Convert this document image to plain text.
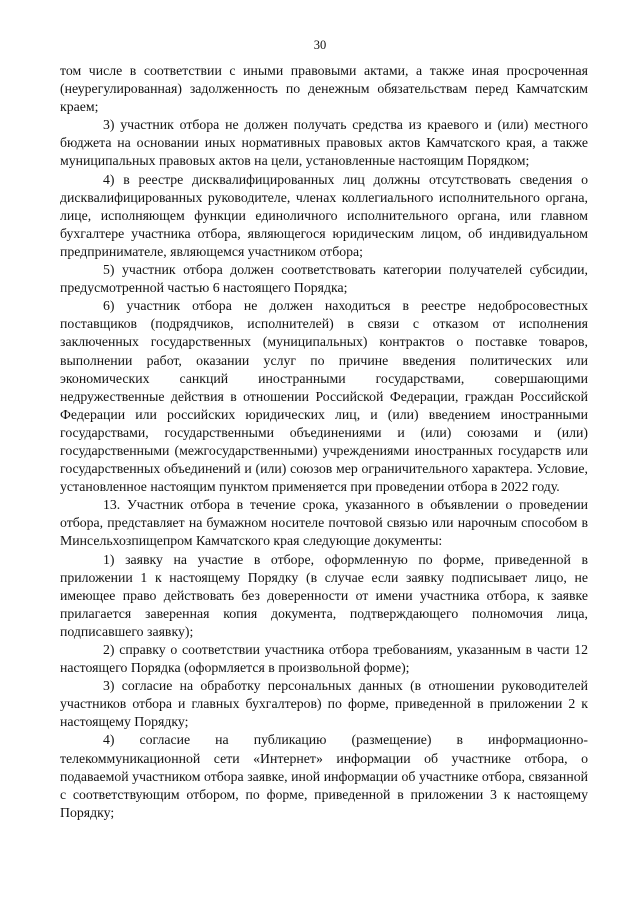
30

том числе в соответствии с иными правовыми актами, а также иная просроченная (неурегулированная) задолженность по денежным обязательствам перед Камчатским краем;

3) участник отбора не должен получать средства из краевого и (или) местного бюджета на основании иных нормативных правовых актов Камчатского края, а также муниципальных правовых актов на цели, установленные настоящим Порядком;

4) в реестре дисквалифицированных лиц должны отсутствовать сведения о дисквалифицированных руководителе, членах коллегиального исполнительного органа, лице, исполняющем функции единоличного исполнительного органа, или главном бухгалтере участника отбора, являющегося юридическим лицом, об индивидуальном предпринимателе, являющемся участником отбора;

5) участник отбора должен соответствовать категории получателей субсидии, предусмотренной частью 6 настоящего Порядка;

6) участник отбора не должен находиться в реестре недобросовестных поставщиков (подрядчиков, исполнителей) в связи с отказом от исполнения заключенных государственных (муниципальных) контрактов о поставке товаров, выполнении работ, оказании услуг по причине введения политических или экономических санкций иностранными государствами, совершающими недружественные действия в отношении Российской Федерации, граждан Российской Федерации или российских юридических лиц, и (или) введением иностранными государствами, государственными объединениями и (или) союзами и (или) государственными (межгосударственными) учреждениями иностранных государств или государственных объединений и (или) союзов мер ограничительного характера. Условие, установленное настоящим пунктом применяется при проведении отбора в 2022 году.

13. Участник отбора в течение срока, указанного в объявлении о проведении отбора, представляет на бумажном носителе почтовой связью или нарочным способом в Минсельхозпищепром Камчатского края следующие документы:

1) заявку на участие в отборе, оформленную по форме, приведенной в приложении 1 к настоящему Порядку (в случае если заявку подписывает лицо, не имеющее право действовать без доверенности от имени участника отбора, к заявке прилагается заверенная копия документа, подтверждающего полномочия лица, подписавшего заявку);

2) справку о соответствии участника отбора требованиям, указанным в части 12 настоящего Порядка (оформляется в произвольной форме);

3) согласие на обработку персональных данных (в отношении руководителей участников отбора и главных бухгалтеров) по форме, приведенной в приложении 2 к настоящему Порядку;

4) согласие на публикацию (размещение) в информационно-телекоммуникационной сети «Интернет» информации об участнике отбора, о подаваемой участником отбора заявке, иной информации об участнике отбора, связанной с соответствующим отбором, по форме, приведенной в приложении 3 к настоящему Порядку;
